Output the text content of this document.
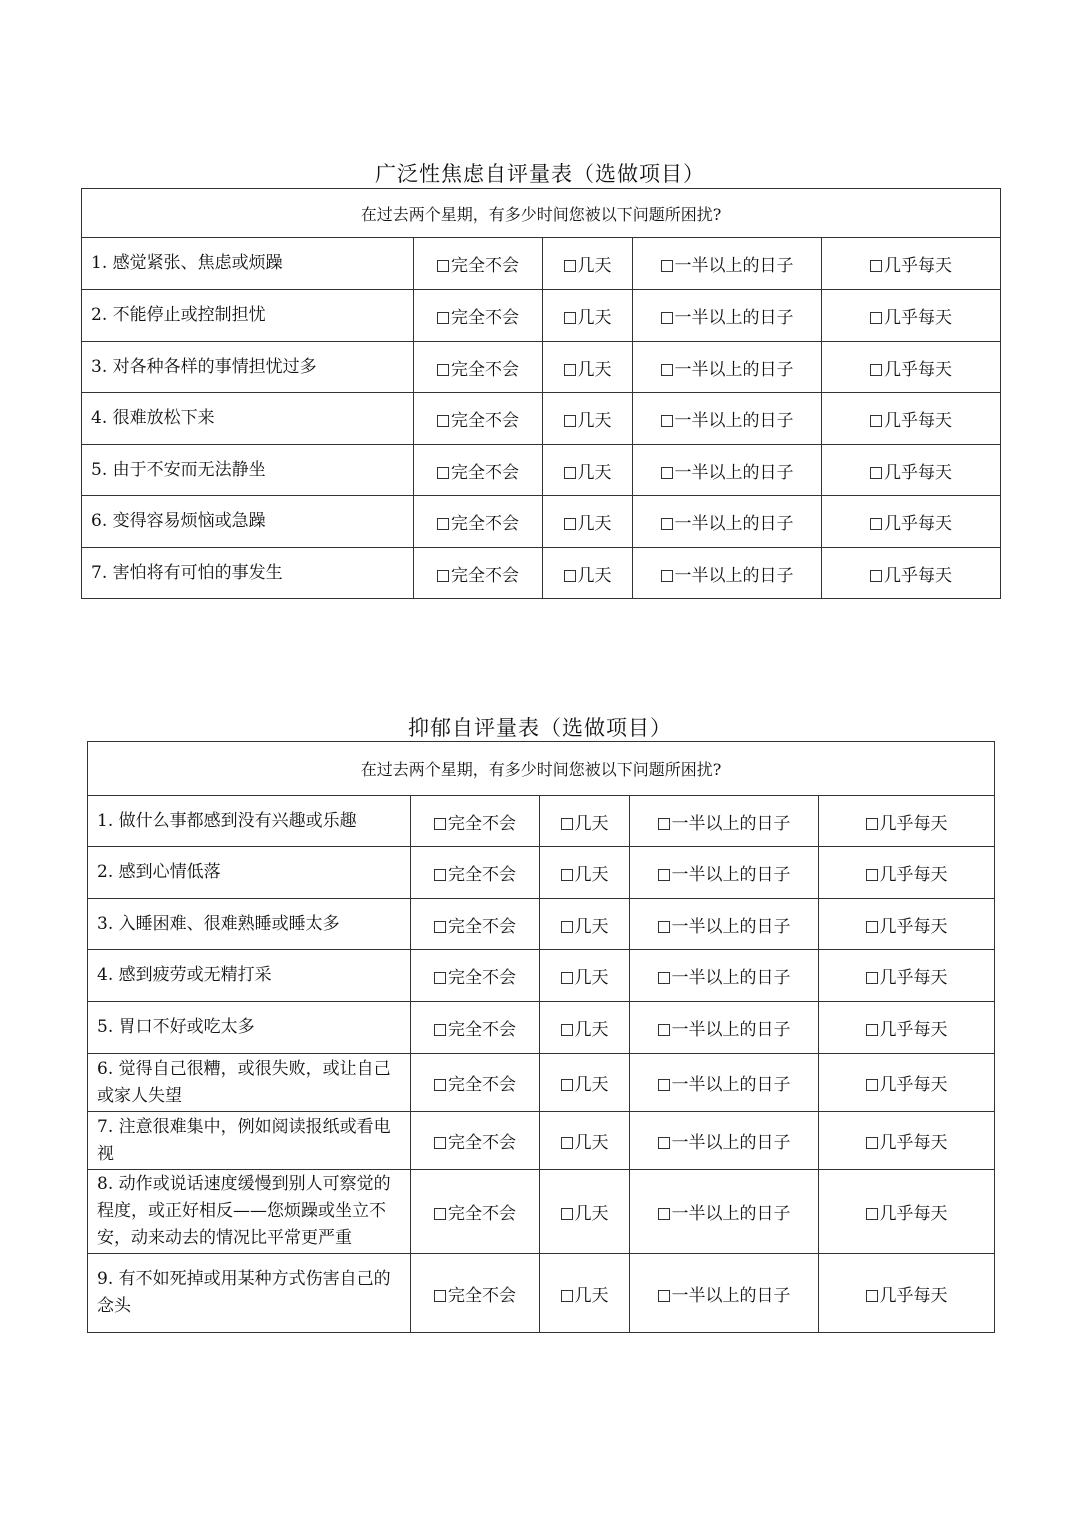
广泛性焦虑自评量表（选做项目）
在过去两个星期，有多少时间您被以下问题所困扰?				
1. 感觉紧张、焦虑或烦躁	完全不会	几天	一半以上的日子	几乎每天
2. 不能停止或控制担忧	完全不会	几天	一半以上的日子	几乎每天
3. 对各种各样的事情担忧过多	完全不会	几天	一半以上的日子	几乎每天
4. 很难放松下来	完全不会	几天	一半以上的日子	几乎每天
5. 由于不安而无法静坐	完全不会	几天	一半以上的日子	几乎每天
6. 变得容易烦恼或急躁	完全不会	几天	一半以上的日子	几乎每天
7. 害怕将有可怕的事发生	完全不会	几天	一半以上的日子	几乎每天
抑郁自评量表（选做项目）
在过去两个星期，有多少时间您被以下问题所困扰?				
1. 做什么事都感到没有兴趣或乐趣	完全不会	几天	一半以上的日子	几乎每天
2. 感到心情低落	完全不会	几天	一半以上的日子	几乎每天
3. 入睡困难、很难熟睡或睡太多	完全不会	几天	一半以上的日子	几乎每天
4. 感到疲劳或无精打采	完全不会	几天	一半以上的日子	几乎每天
5. 胃口不好或吃太多	完全不会	几天	一半以上的日子	几乎每天
6. 觉得自己很糟，或很失败，或让自己或家人失望	完全不会	几天	一半以上的日子	几乎每天
7. 注意很难集中，例如阅读报纸或看电视	完全不会	几天	一半以上的日子	几乎每天
8. 动作或说话速度缓慢到别人可察觉的程度，或正好相反——您烦躁或坐立不安，动来动去的情况比平常更严重	完全不会	几天	一半以上的日子	几乎每天
9. 有不如死掉或用某种方式伤害自己的念头	完全不会	几天	一半以上的日子	几乎每天
